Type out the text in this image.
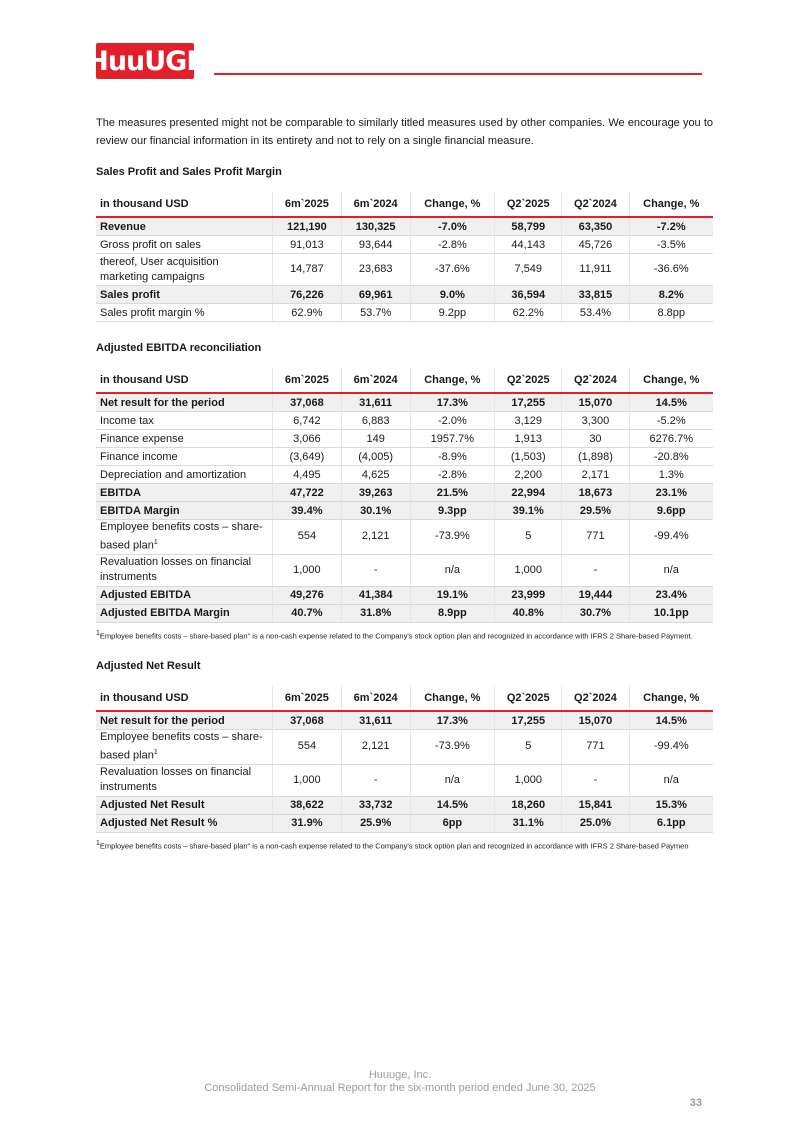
HuuUGE

The measures presented might not be comparable to similarly titled measures used by other companies. We encourage you to review our financial information in its entirety and not to rely on a single financial measure.

Sales Profit and Sales Profit Margin
in thousand USD	6m`2025	6m`2024	Change, %	Q2`2025	Q2`2024	Change, %
Revenue	121,190	130,325	-7.0%	58,799	63,350	-7.2%
Gross profit on sales	91,013	93,644	-2.8%	44,143	45,726	-3.5%
thereof, User acquisition marketing campaigns	14,787	23,683	-37.6%	7,549	11,911	-36.6%
Sales profit	76,226	69,961	9.0%	36,594	33,815	8.2%
Sales profit margin %	62.9%	53.7%	9.2pp	62.2%	53.4%	8.8pp
Adjusted EBITDA reconciliation
in thousand USD	6m`2025	6m`2024	Change, %	Q2`2025	Q2`2024	Change, %
Net result for the period	37,068	31,611	17.3%	17,255	15,070	14.5%
Income tax	6,742	6,883	-2.0%	3,129	3,300	-5.2%
Finance expense	3,066	149	1957.7%	1,913	30	6276.7%
Finance income	(3,649)	(4,005)	-8.9%	(1,503)	(1,898)	-20.8%
Depreciation and amortization	4,495	4,625	-2.8%	2,200	2,171	1.3%
EBITDA	47,722	39,263	21.5%	22,994	18,673	23.1%
EBITDA Margin	39.4%	30.1%	9.3pp	39.1%	29.5%	9.6pp
Employee benefits costs – share-based plan$^1$	554	2,121	-73.9%	5	771	-99.4%
Revaluation losses on financial instruments	1,000	-	n/a	1,000	-	n/a
Adjusted EBITDA	49,276	41,384	19.1%	23,999	19,444	23.4%
Adjusted EBITDA Margin	40.7%	31.8%	8.9pp	40.8%	30.7%	10.1pp

$^1$Employee benefits costs – share-based plan" is a non-cash expense related to the Company's stock option plan and recognized in accordance with IFRS 2 Share-based Payment.

Adjusted Net Result
in thousand USD	6m`2025	6m`2024	Change, %	Q2`2025	Q2`2024	Change, %
Net result for the period	37,068	31,611	17.3%	17,255	15,070	14.5%
Employee benefits costs – share-based plan$^1$	554	2,121	-73.9%	5	771	-99.4%
Revaluation losses on financial instruments	1,000	-	n/a	1,000	-	n/a
Adjusted Net Result	38,622	33,732	14.5%	18,260	15,841	15.3%
Adjusted Net Result %	31.9%	25.9%	6pp	31.1%	25.0%	6.1pp

$^1$Employee benefits costs – share-based plan" is a non-cash expense related to the Company's stock option plan and recognized in accordance with IFRS 2 Share-based Paymen

Huuuge, Inc.
Consolidated Semi-Annual Report for the six-month period ended June 30, 2025
33
